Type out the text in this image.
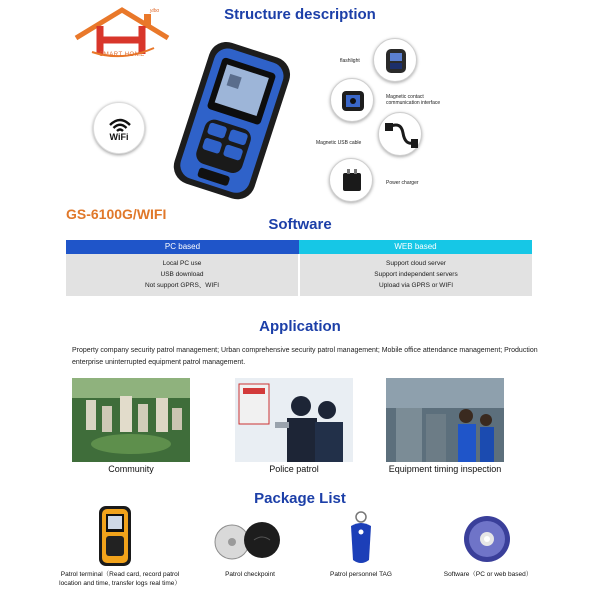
yibo
SMART HOME
Structure description
WiFi
flashlight
Magnetic contact communication interface
Magnetic USB cable
Power charger
GS-6100G/WIFI
Software
PC based	WEB based
Local PC use
USB download
Not support GPRS、WIFI
Support cloud server
Support independent servers
Upload via GPRS or WIFI
Application
Property company security patrol management; Urban comprehensive security patrol management; Mobile office attendance management; Production enterprise uninterrupted equipment patrol management.
Community	Police patrol	Equipment timing inspection
Package List
Patrol terminal（Read card, record patrol location and time, transfer logs real time）
Patrol checkpoint	Patrol personnel TAG	Software（PC or web based）
